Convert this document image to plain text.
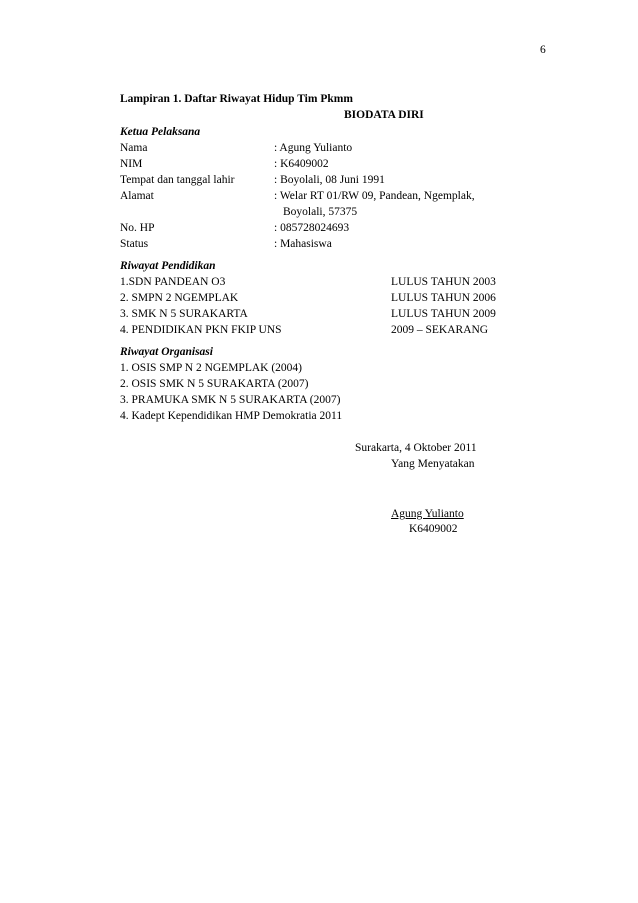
6
Lampiran 1. Daftar Riwayat Hidup Tim Pkmm
BIODATA DIRI
Ketua Pelaksana
Nama	: Agung Yulianto
NIM	: K6409002
Tempat dan tanggal lahir	: Boyolali, 08 Juni 1991
Alamat	: Welar RT 01/RW 09, Pandean, Ngemplak,
Boyolali, 57375
No. HP	: 085728024693
Status	: Mahasiswa
Riwayat Pendidikan
1.SDN PANDEAN O3	LULUS TAHUN 2003
2. SMPN 2 NGEMPLAK	LULUS TAHUN 2006
3. SMK N 5 SURAKARTA	LULUS TAHUN 2009
4. PENDIDIKAN PKN FKIP UNS	2009 – SEKARANG
Riwayat Organisasi
1. OSIS SMP N 2 NGEMPLAK (2004)
2. OSIS SMK N 5 SURAKARTA (2007)
3. PRAMUKA SMK N 5 SURAKARTA (2007)
4. Kadept Kependidikan HMP Demokratia 2011
Surakarta, 4 Oktober 2011
Yang Menyatakan
Agung Yulianto
K6409002
